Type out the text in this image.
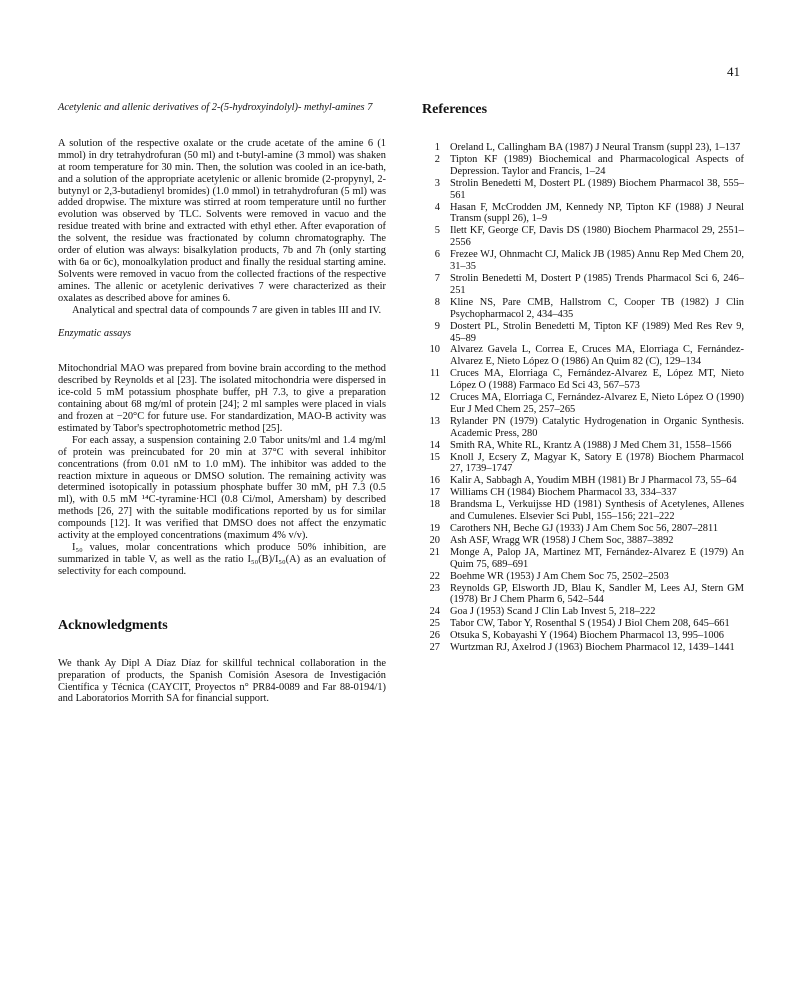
41

Acetylenic and allenic derivatives of 2-(5-hydroxyindolyl)- methyl-amines 7

A solution of the respective oxalate or the crude acetate of the amine 6 (1 mmol) in dry tetrahydrofuran (50 ml) and t-butyl-amine (3 mmol) was shaken at room temperature for 30 min. Then, the solution was cooled in an ice-bath, and a solution of the appropriate acetylenic or allenic bromide (2-propynyl, 2-butynyl or 2,3-butadienyl bromides) (1.0 mmol) in tetrahydrofuran (5 ml) was added dropwise. The mixture was stirred at room temperature until no further evolution was observed by TLC. Solvents were removed in vacuo and the residue treated with brine and extracted with ethyl ether. After evaporation of the solvent, the residue was fractionated by column chromatography. The order of elution was always: bisalkylation products, 7b and 7h (only starting with 6a or 6c), monoalkylation product and finally the residual starting amine. Solvents were removed in vacuo from the collected fractions of the respective amines. The allenic or acetylenic derivatives 7 were characterized as their oxalates as described above for amines 6.

Analytical and spectral data of compounds 7 are given in tables III and IV.

Enzymatic assays

Mitochondrial MAO was prepared from bovine brain according to the method described by Reynolds et al [23]. The isolated mitochondria were dispersed in ice-cold 5 mM potassium phosphate buffer, pH 7.3, to give a preparation containing about 68 mg/ml of protein [24]; 2 ml samples were placed in vials and frozen at −20°C for future use. For standardization, MAO-B activity was estimated by Tabor's spectrophotometric method [25].

For each assay, a suspension containing 2.0 Tabor units/ml and 1.4 mg/ml of protein was preincubated for 20 min at 37°C with several inhibitor concentrations (from 0.01 nM to 1.0 mM). The inhibitor was added to the reaction mixture in aqueous or DMSO solution. The remaining activity was determined isotopically in potassium phosphate buffer 30 mM, pH 7.3 (0.5 ml), with 0.5 mM ¹⁴C-tyramine·HCl (0.8 Ci/mol, Amersham) by described methods [26, 27] with the suitable modifications reported by us for similar compounds [12]. It was verified that DMSO does not affect the enzymatic activity at the employed concentrations (maximum 4% v/v).

I₅₀ values, molar concentrations which produce 50% inhibition, are summarized in table V, as well as the ratio I₅₀(B)/I₅₀(A) as an evaluation of selectivity for each compound.

Acknowledgments

We thank Ay Dipl A Díaz Díaz for skillful technical collaboration in the preparation of products, the Spanish Comisión Asesora de Investigación Científica y Técnica (CAYCIT, Proyectos n° PR84-0089 and Far 88-0194/1) and Laboratorios Morrith SA for financial support.

References
1 Oreland L, Callingham BA (1987) J Neural Transm (suppl 23), 1–137
2 Tipton KF (1989) Biochemical and Pharmacological Aspects of Depression. Taylor and Francis, 1–24
3 Strolin Benedetti M, Dostert PL (1989) Biochem Pharmacol 38, 555–561
4 Hasan F, McCrodden JM, Kennedy NP, Tipton KF (1988) J Neural Transm (suppl 26), 1–9
5 Ilett KF, George CF, Davis DS (1980) Biochem Pharmacol 29, 2551–2556
6 Frezee WJ, Ohnmacht CJ, Malick JB (1985) Annu Rep Med Chem 20, 31–35
7 Strolin Benedetti M, Dostert P (1985) Trends Pharmacol Sci 6, 246–251
8 Kline NS, Pare CMB, Hallstrom C, Cooper TB (1982) J Clin Psychopharmacol 2, 434–435
9 Dostert PL, Strolin Benedetti M, Tipton KF (1989) Med Res Rev 9, 45–89
10 Alvarez Gavela L, Correa E, Cruces MA, Elorriaga C, Fernández-Alvarez E, Nieto López O (1986) An Quim 82 (C), 129–134
11 Cruces MA, Elorriaga C, Fernández-Alvarez E, López MT, Nieto López O (1988) Farmaco Ed Sci 43, 567–573
12 Cruces MA, Elorriaga C, Fernández-Alvarez E, Nieto López O (1990) Eur J Med Chem 25, 257–265
13 Rylander PN (1979) Catalytic Hydrogenation in Organic Synthesis. Academic Press, 280
14 Smith RA, White RL, Krantz A (1988) J Med Chem 31, 1558–1566
15 Knoll J, Ecsery Z, Magyar K, Satory E (1978) Biochem Pharmacol 27, 1739–1747
16 Kalir A, Sabbagh A, Youdim MBH (1981) Br J Pharmacol 73, 55–64
17 Williams CH (1984) Biochem Pharmacol 33, 334–337
18 Brandsma L, Verkuijsse HD (1981) Synthesis of Acetylenes, Allenes and Cumulenes. Elsevier Sci Publ, 155–156; 221–222
19 Carothers NH, Beche GJ (1933) J Am Chem Soc 56, 2807–2811
20 Ash ASF, Wragg WR (1958) J Chem Soc, 3887–3892
21 Monge A, Palop JA, Martinez MT, Fernández-Alvarez E (1979) An Quim 75, 689–691
22 Boehme WR (1953) J Am Chem Soc 75, 2502–2503
23 Reynolds GP, Elsworth JD, Blau K, Sandler M, Lees AJ, Stern GM (1978) Br J Chem Pharm 6, 542–544
24 Goa J (1953) Scand J Clin Lab Invest 5, 218–222
25 Tabor CW, Tabor Y, Rosenthal S (1954) J Biol Chem 208, 645–661
26 Otsuka S, Kobayashi Y (1964) Biochem Pharmacol 13, 995–1006
27 Wurtzman RJ, Axelrod J (1963) Biochem Pharmacol 12, 1439–1441
